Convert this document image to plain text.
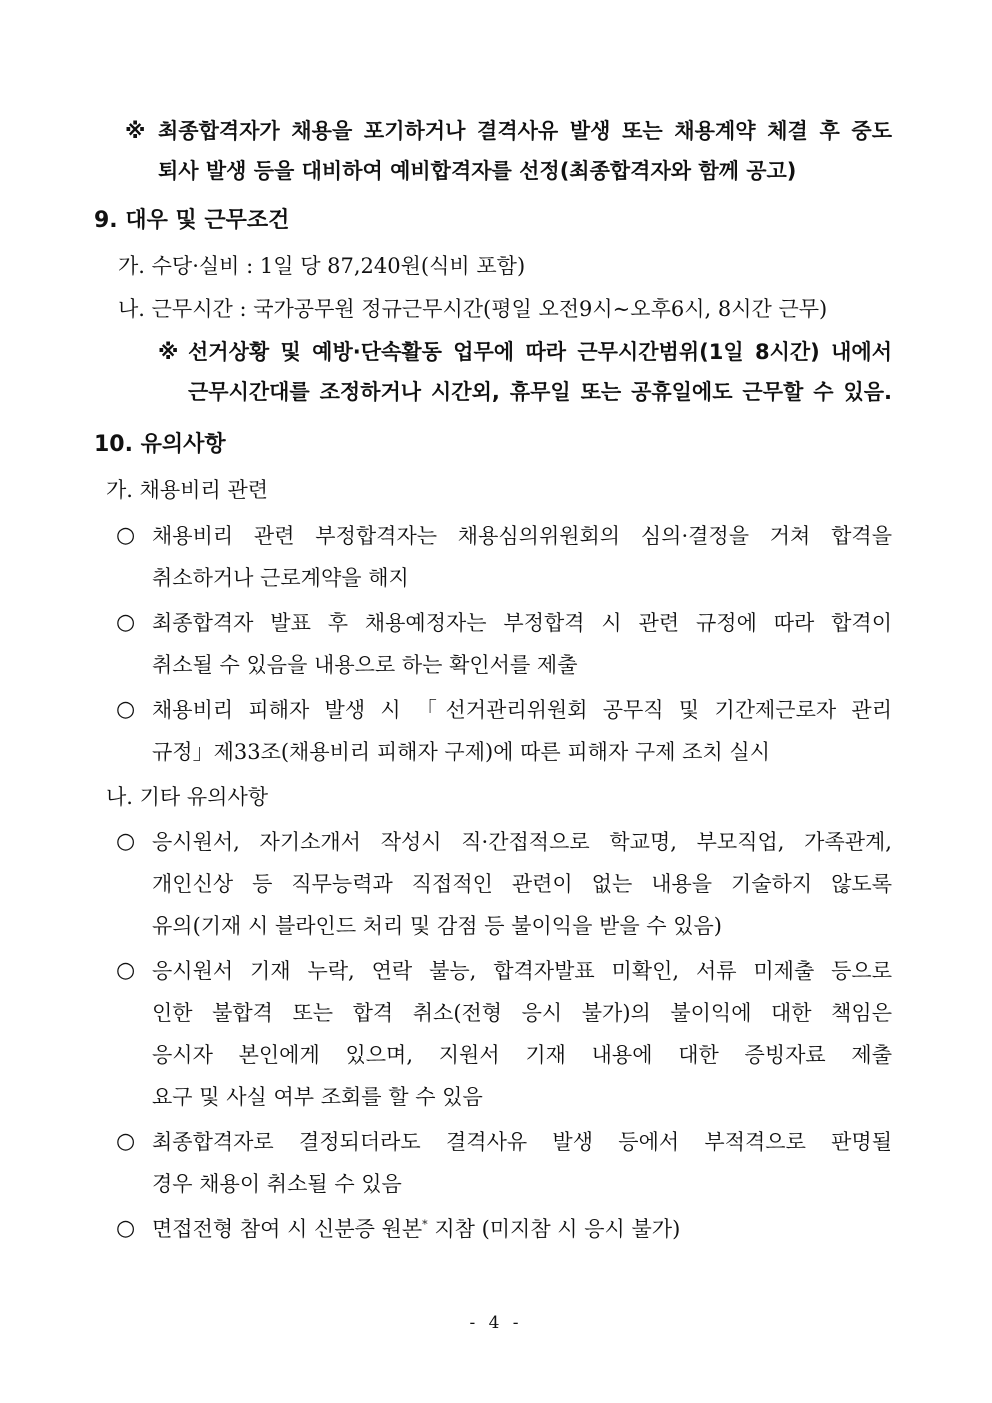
※ 최종합격자가 채용을 포기하거나 결격사유 발생 또는 채용계약 체결 후 중도
퇴사 발생 등을 대비하여 예비합격자를 선정(최종합격자와 함께 공고)
9. 대우 및 근무조건
가. 수당·실비 : 1일 당 87,240원(식비 포함)
나. 근무시간 : 국가공무원 정규근무시간(평일 오전9시∼오후6시, 8시간 근무)
※ 선거상황 및 예방·단속활동 업무에 따라 근무시간범위(1일 8시간) 내에서
근무시간대를 조정하거나 시간외, 휴무일 또는 공휴일에도 근무할 수 있음.
10. 유의사항
가. 채용비리 관련
○ 채용비리 관련 부정합격자는 채용심의위원회의 심의·결정을 거쳐 합격을
취소하거나 근로계약을 해지
○ 최종합격자 발표 후 채용예정자는 부정합격 시 관련 규정에 따라 합격이
취소될 수 있음을 내용으로 하는 확인서를 제출
○ 채용비리 피해자 발생 시 「선거관리위원회 공무직 및 기간제근로자 관리
규정」제33조(채용비리 피해자 구제)에 따른 피해자 구제 조치 실시
나. 기타 유의사항
○ 응시원서, 자기소개서 작성시 직·간접적으로 학교명, 부모직업, 가족관계,
개인신상 등 직무능력과 직접적인 관련이 없는 내용을 기술하지 않도록
유의(기재 시 블라인드 처리 및 감점 등 불이익을 받을 수 있음)
○ 응시원서 기재 누락, 연락 불능, 합격자발표 미확인, 서류 미제출 등으로
인한 불합격 또는 합격 취소(전형 응시 불가)의 불이익에 대한 책임은
응시자 본인에게 있으며, 지원서 기재 내용에 대한 증빙자료 제출
요구 및 사실 여부 조회를 할 수 있음
○ 최종합격자로 결정되더라도 결격사유 발생 등에서 부적격으로 판명될
경우 채용이 취소될 수 있음
○ 면접전형 참여 시 신분증 원본* 지참 (미지참 시 응시 불가)
- 4 -
